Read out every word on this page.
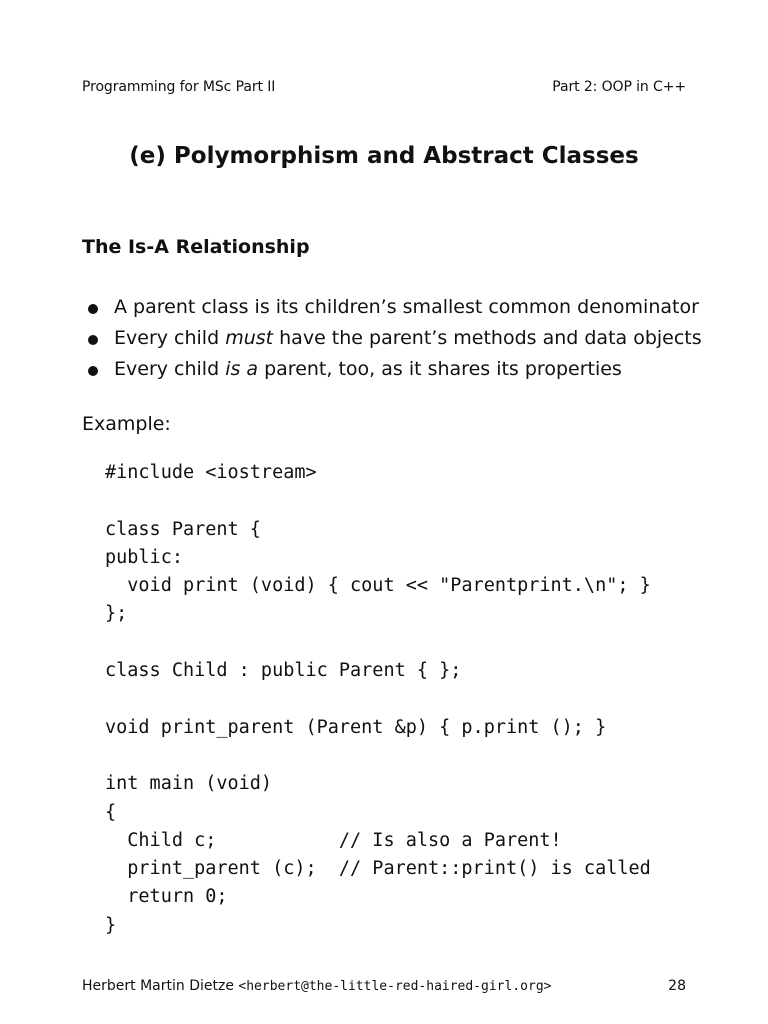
Programming for MSc Part II	Part 2: OOP in C++
(e) Polymorphism and Abstract Classes
The Is-A Relationship
A parent class is its children’s smallest common denominator
Every child must have the parent’s methods and data objects
Every child is a parent, too, as it shares its properties
Example:
#include <iostream>
class Parent {
public:
void print (void) { cout << "Parentprint.\n"; }
};
class Child : public Parent { };
void print_parent (Parent &p) { p.print (); }
int main (void)
{
Child c;           // Is also a Parent!
print_parent (c);  // Parent::print() is called
return 0;
}
Herbert Martin Dietze <herbert@the-little-red-haired-girl.org>	28
